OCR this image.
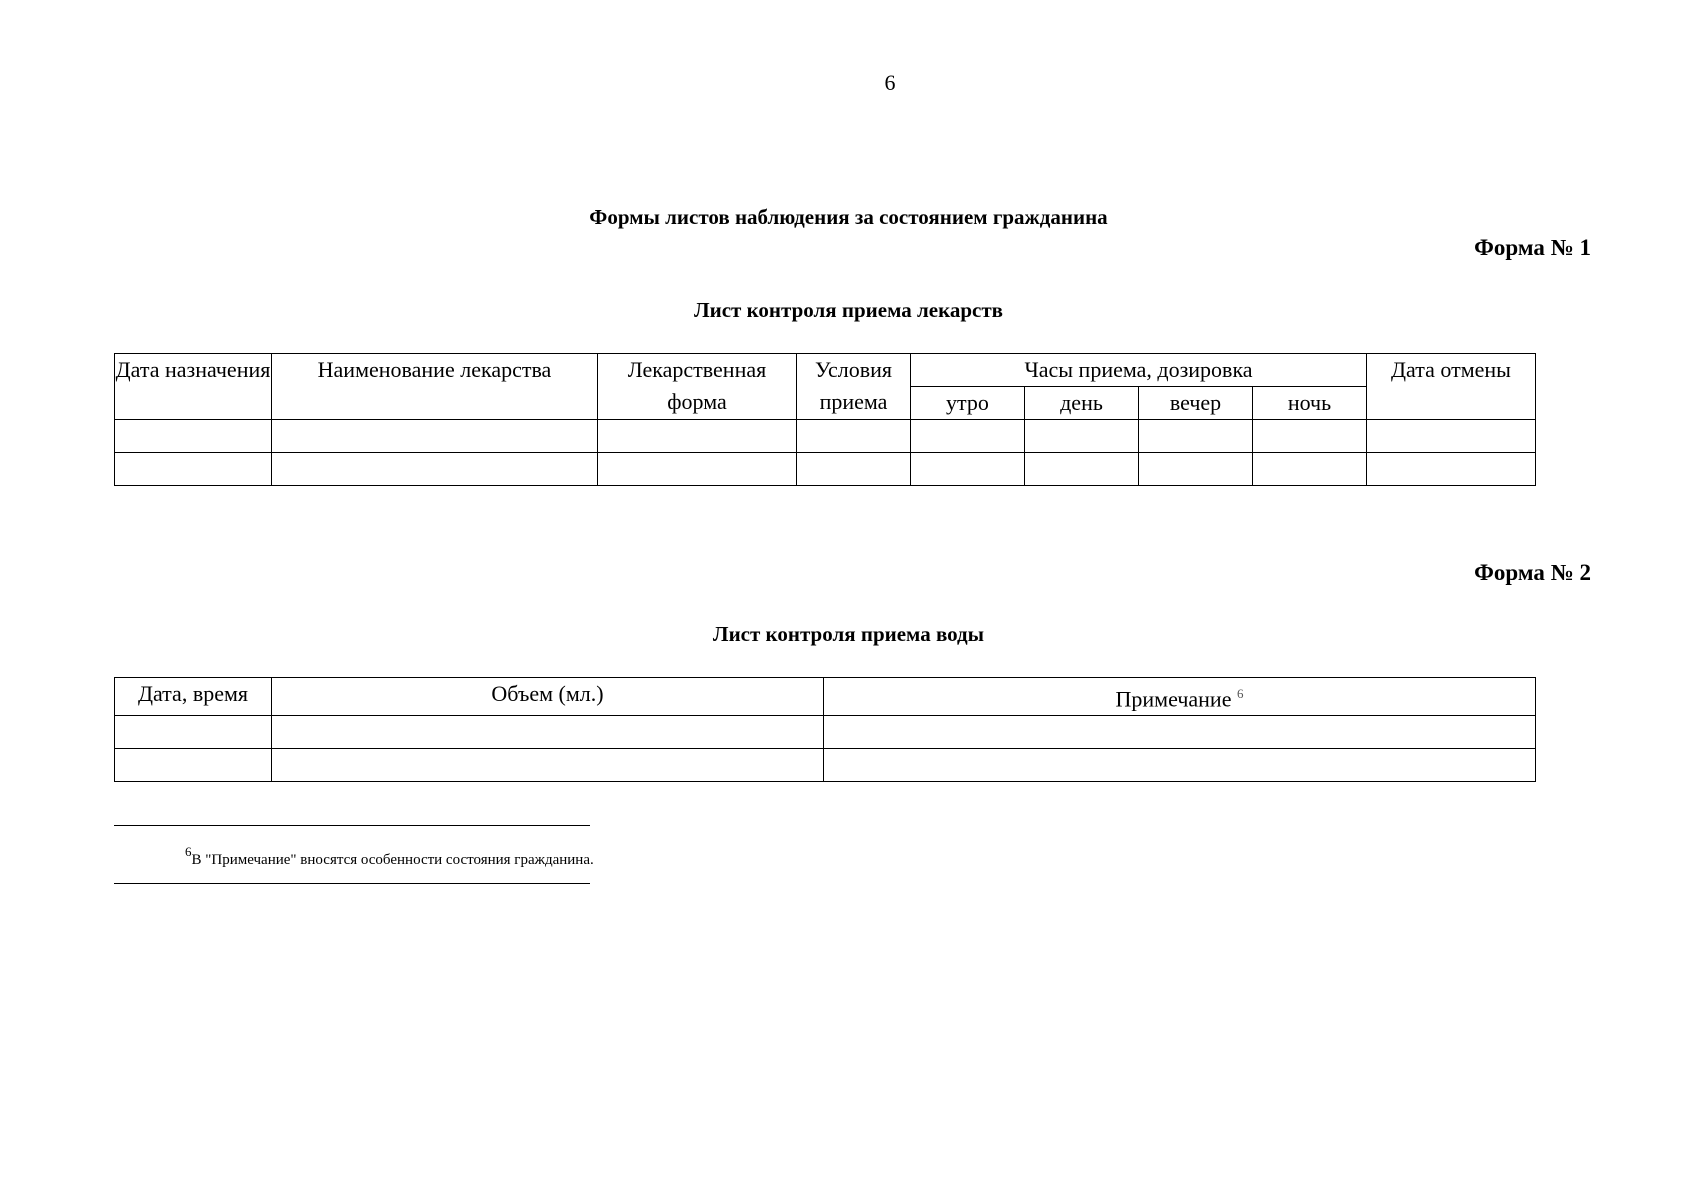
6
Формы листов наблюдения за состоянием гражданина
Форма № 1
Лист контроля приема лекарств
Дата назначения	Наименование лекарства	Лекарственная форма	Условия приема	Часы приема, дозировка				Дата отмены
				утро	день	вечер	ночь	

Форма № 2
Лист контроля приема воды
Дата, время	Объем (мл.)	Примечание $^6$

6В "Примечание" вносятся особенности состояния гражданина.
